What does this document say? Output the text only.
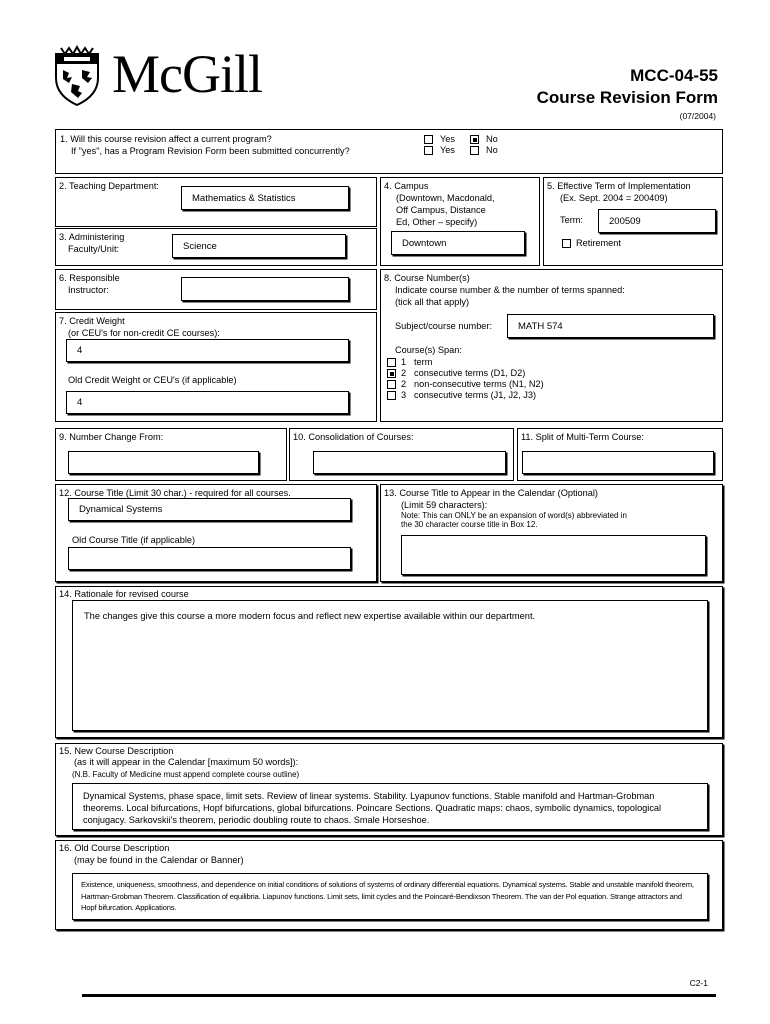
McGill	MCC-04-55
Course Revision Form
(07/2004)
1. Will this course revision affect a current program?
If "yes", has a Program Revision Form been submitted concurrently?
Yes	No
Yes	No
2. Teaching Department:
Mathematics & Statistics
3. Administering
Faculty/Unit:	Science
4. Campus
(Downtown, Macdonald,
Off Campus, Distance
Ed, Other – specify)
Downtown
5. Effective Term of Implementation
(Ex. Sept. 2004 = 200409)
Term:	200509
Retirement
6. Responsible
Instructor:
7. Credit Weight
(or CEU's for non-credit CE courses):
4
Old Credit Weight or CEU's (if applicable)
4
8. Course Number(s)
Indicate course number & the number of terms spanned:
(tick all that apply)
Subject/course number:	MATH 574
Course(s) Span:
1 term
2 consecutive terms (D1, D2)
2 non-consecutive terms (N1, N2)
3 consecutive terms (J1, J2, J3)
9. Number Change From:	10. Consolidation of Courses:	11. Split of Multi-Term Course:
12. Course Title (Limit 30 char.) - required for all courses.
Dynamical Systems
Old Course Title (if applicable)
13. Course Title to Appear in the Calendar (Optional)
(Limit 59 characters):
Note: This can ONLY be an expansion of word(s) abbreviated in
the 30 character course title in Box 12.
14. Rationale for revised course
The changes give this course a more modern focus and reflect new expertise available within our department.
15. New Course Description
(as it will appear in the Calendar [maximum 50 words]):
(N.B. Faculty of Medicine must append complete course outline)
Dynamical Systems, phase space, limit sets. Review of linear systems. Stability. Lyapunov functions. Stable manifold and Hartman-Grobman theorems. Local bifurcations, Hopf bifurcations, global bifurcations. Poincare Sections. Quadratic maps: chaos, symbolic dynamics, topological conjugacy. Sarkovskii's theorem, periodic doubling route to chaos. Smale Horseshoe.
16. Old Course Description
(may be found in the Calendar or Banner)
Existence, uniqueness, smoothness, and dependence on initial conditions of solutions of systems of ordinary differential equations. Dynamical systems. Stable and unstable manifold theorem, Hartman-Grobman Theorem. Classification of equilibria. Liapunov functions. Limit sets, limit cycles and the Poincaré-Bendixson Theorem. The van der Pol equation. Strange attractors and Hopf bifurcation. Applications.
C2-1
